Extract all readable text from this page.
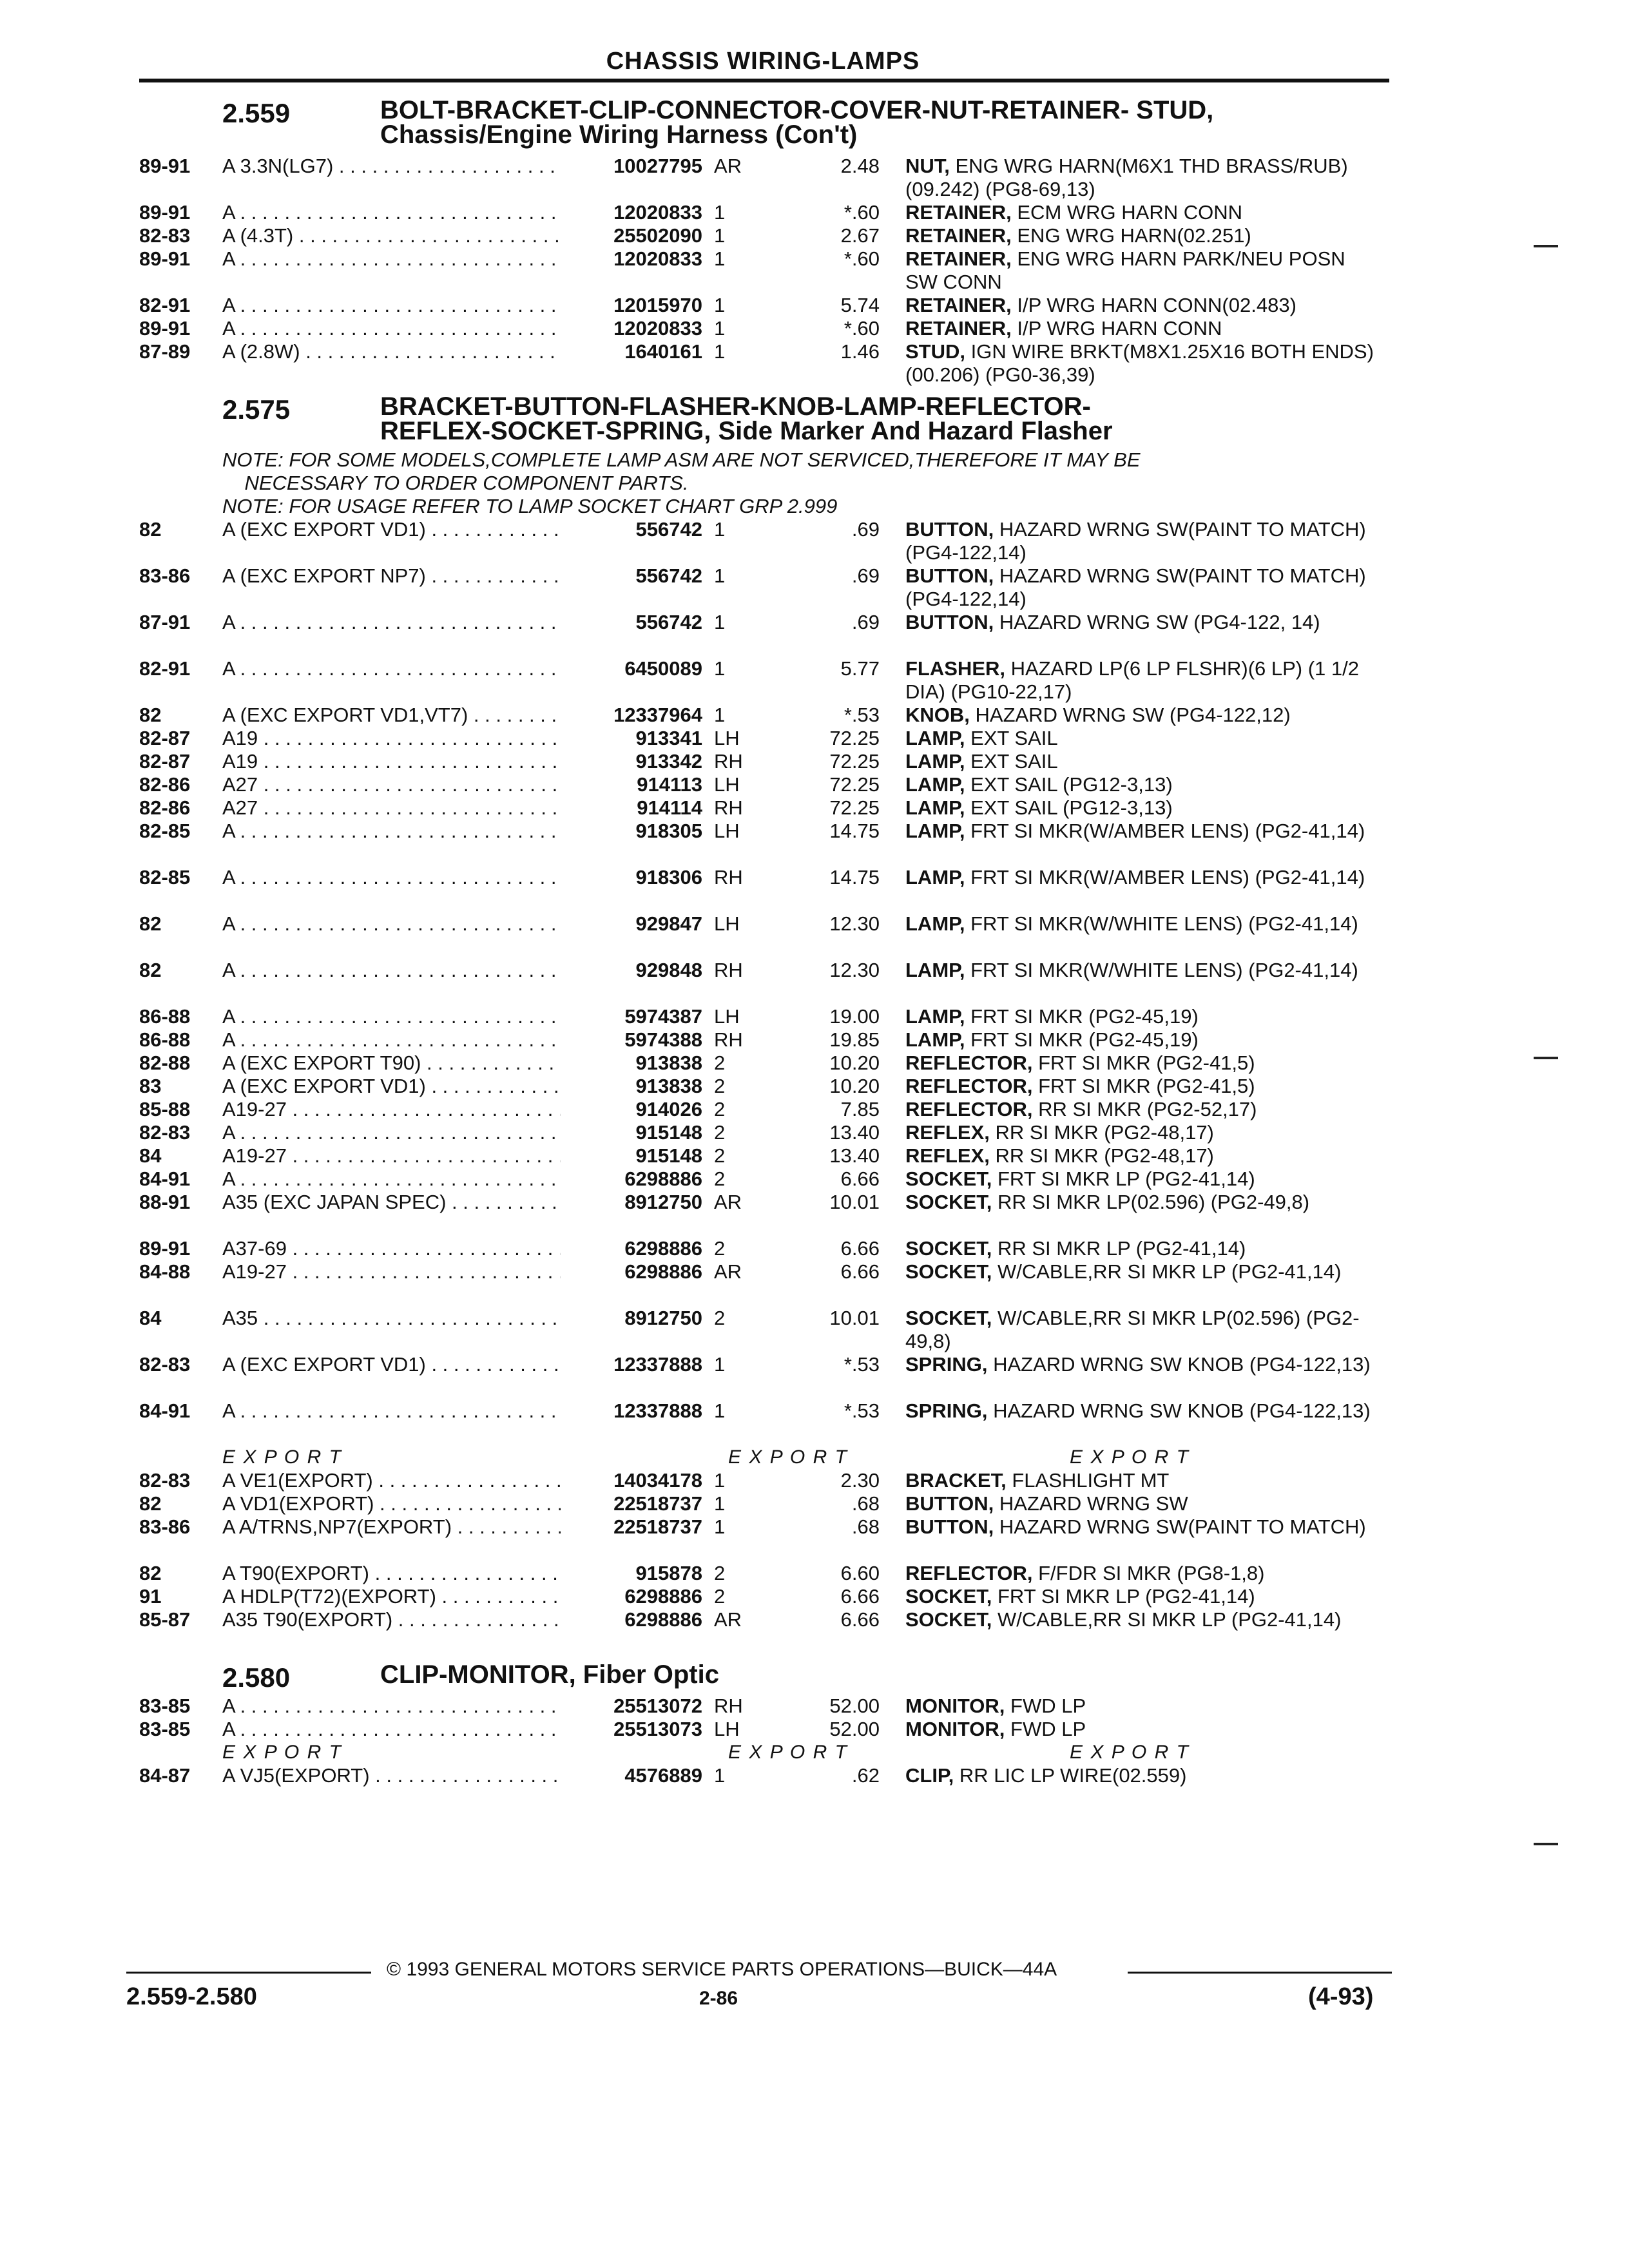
CHASSIS WIRING-LAMPS
2.559	BOLT-BRACKET-CLIP-CONNECTOR-COVER-NUT-RETAINER- STUD,
Chassis/Engine Wiring Harness (Con't)
89-91 A 3.3N(LG7) . . .	10027795 AR	2.48 NUT, ENG WRG HARN(M6X1 THD BRASS/RUB)(09.242) (PG8-69,13)
89-91 A . . .	12020833 1	*.60 RETAINER, ECM WRG HARN CONN
82-83 A (4.3T) . . .	25502090 1	2.67 RETAINER, ENG WRG HARN(02.251)
89-91 A . . .	12020833 1	*.60 RETAINER, ENG WRG HARN PARK/NEU POSN SW CONN
82-91 A . . .	12015970 1	5.74 RETAINER, I/P WRG HARN CONN(02.483)
89-91 A . . .	12020833 1	*.60 RETAINER, I/P WRG HARN CONN
87-89 A (2.8W) . . .	1640161 1	1.46 STUD, IGN WIRE BRKT(M8X1.25X16 BOTH ENDS)(00.206) (PG0-36,39)
2.575	BRACKET-BUTTON-FLASHER-KNOB-LAMP-REFLECTOR-
REFLEX-SOCKET-SPRING, Side Marker And Hazard Flasher
NOTE: FOR SOME MODELS,COMPLETE LAMP ASM ARE NOT SERVICED,THEREFORE IT MAY BE
NECESSARY TO ORDER COMPONENT PARTS.
NOTE: FOR USAGE REFER TO LAMP SOCKET CHART GRP 2.999
82	A (EXC EXPORT VD1) . . .	556742 1	.69 BUTTON, HAZARD WRNG SW(PAINT TO MATCH) (PG4-122,14)
83-86 A (EXC EXPORT NP7) . . .	556742 1	.69 BUTTON, HAZARD WRNG SW(PAINT TO MATCH) (PG4-122,14)
87-91 A . . .	556742 1	.69 BUTTON, HAZARD WRNG SW (PG4-122, 14)
82-91 A . . .	6450089 1	5.77 FLASHER, HAZARD LP(6 LP FLSHR)(6 LP) (1 1/2 DIA) (PG10-22,17)
82	A (EXC EXPORT VD1,VT7) . . .	12337964 1	*.53 KNOB, HAZARD WRNG SW (PG4-122,12)
82-87 A19 . . .	913341 LH	72.25 LAMP, EXT SAIL
82-87 A19 . . .	913342 RH	72.25 LAMP, EXT SAIL
82-86 A27 . . .	914113 LH	72.25 LAMP, EXT SAIL (PG12-3,13)
82-86 A27 . . .	914114 RH	72.25 LAMP, EXT SAIL (PG12-3,13)
82-85 A . . .	918305 LH	14.75 LAMP, FRT SI MKR(W/AMBER LENS) (PG2-41,14)
82-85 A . . .	918306 RH	14.75 LAMP, FRT SI MKR(W/AMBER LENS) (PG2-41,14)
82	A . . .	929847 LH	12.30 LAMP, FRT SI MKR(W/WHITE LENS) (PG2-41,14)
82	A . . .	929848 RH	12.30 LAMP, FRT SI MKR(W/WHITE LENS) (PG2-41,14)
86-88 A . . .	5974387 LH	19.00 LAMP, FRT SI MKR (PG2-45,19)
86-88 A . . .	5974388 RH	19.85 LAMP, FRT SI MKR (PG2-45,19)
82-88 A (EXC EXPORT T90) . . .	913838 2	10.20 REFLECTOR, FRT SI MKR (PG2-41,5)
83	A (EXC EXPORT VD1) . . .	913838 2	10.20 REFLECTOR, FRT SI MKR (PG2-41,5)
85-88 A19-27 . . .	914026 2	7.85 REFLECTOR, RR SI MKR (PG2-52,17)
82-83 A . . .	915148 2	13.40 REFLEX, RR SI MKR (PG2-48,17)
84	A19-27 . . .	915148 2	13.40 REFLEX, RR SI MKR (PG2-48,17)
84-91 A . . .	6298886 2	6.66 SOCKET, FRT SI MKR LP (PG2-41,14)
88-91 A35 (EXC JAPAN SPEC) . . .	8912750 AR	10.01 SOCKET, RR SI MKR LP(02.596) (PG2-49,8)
89-91 A37-69 . . .	6298886 2	6.66 SOCKET, RR SI MKR LP (PG2-41,14)
84-88 A19-27 . . .	6298886 AR	6.66 SOCKET, W/CABLE,RR SI MKR LP (PG2-41,14)
84	A35 . . .	8912750 2	10.01 SOCKET, W/CABLE,RR SI MKR LP(02.596) (PG2-49,8)
82-83 A (EXC EXPORT VD1) . . .	12337888 1	*.53 SPRING, HAZARD WRNG SW KNOB (PG4-122,13)
84-91 A . . .	12337888 1	*.53 SPRING, HAZARD WRNG SW KNOB (PG4-122,13)
E X P O R T	E X P O R T	E X P O R T
82-83 A VE1(EXPORT) . . .	14034178 1	2.30 BRACKET, FLASHLIGHT MT
82	A VD1(EXPORT) . . .	22518737 1	.68 BUTTON, HAZARD WRNG SW
83-86 A A/TRNS,NP7(EXPORT) . . .	22518737 1	.68 BUTTON, HAZARD WRNG SW(PAINT TO MATCH)
82	A T90(EXPORT) . . .	915878 2	6.60 REFLECTOR, F/FDR SI MKR (PG8-1,8)
91	A HDLP(T72)(EXPORT) . . .	6298886 2	6.66 SOCKET, FRT SI MKR LP (PG2-41,14)
85-87 A35 T90(EXPORT) . . .	6298886 AR	6.66 SOCKET, W/CABLE,RR SI MKR LP (PG2-41,14)
2.580	CLIP-MONITOR, Fiber Optic
83-85 A . . .	25513072 RH	52.00 MONITOR, FWD LP
83-85 A . . .	25513073 LH	52.00 MONITOR, FWD LP
E X P O R T	E X P O R T	E X P O R T
84-87 A VJ5(EXPORT) . . .	4576889 1	.62 CLIP, RR LIC LP WIRE(02.559)
© 1993 GENERAL MOTORS SERVICE PARTS OPERATIONS—BUICK—44A
2.559-2.580	2-86	(4-93)
